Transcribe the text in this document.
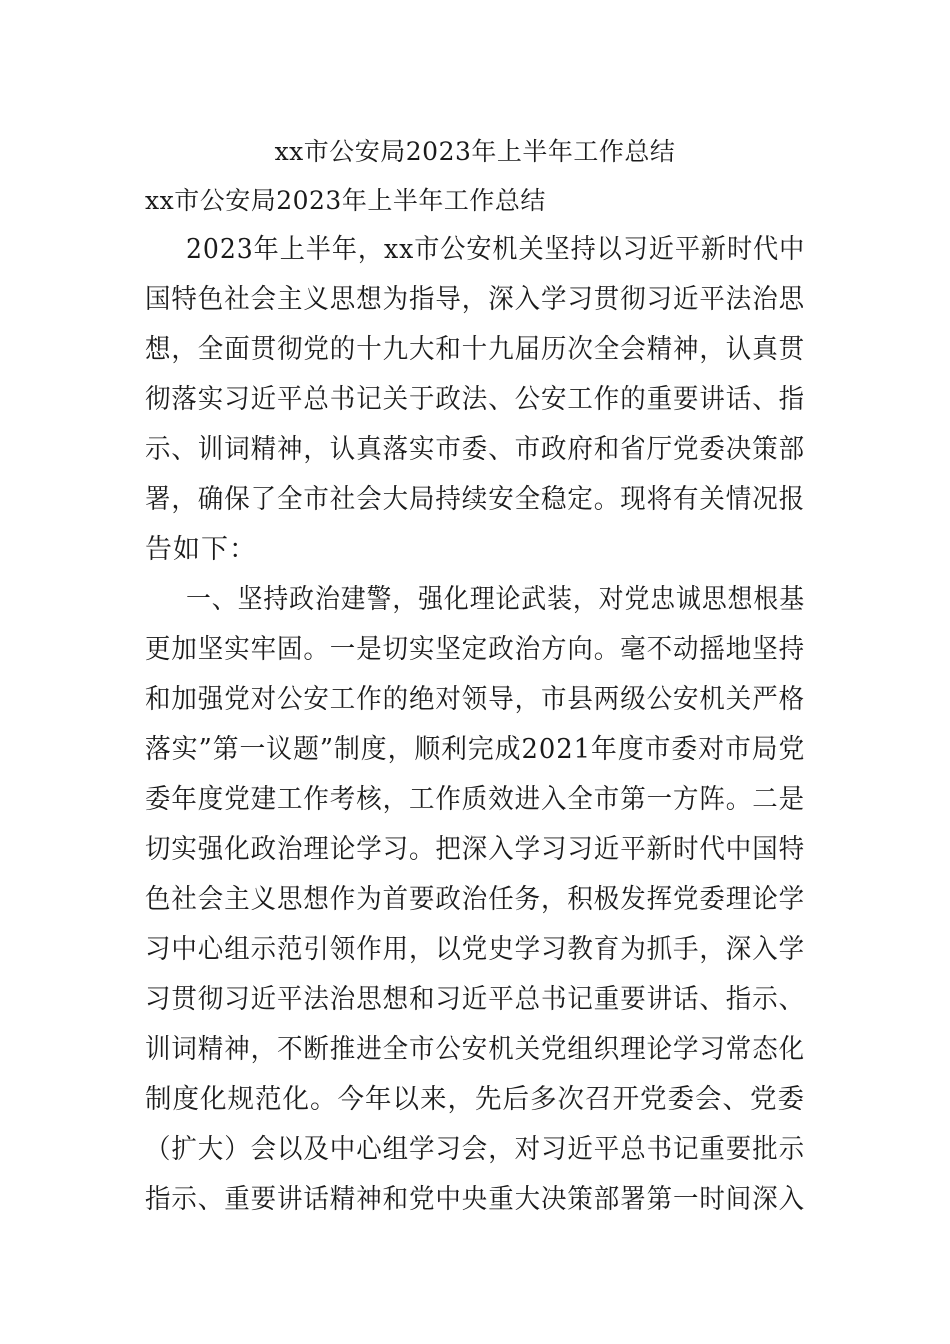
xx市公安局2023年上半年工作总结
xx市公安局2023年上半年工作总结
2023年上半年，xx市公安机关坚持以习近平新时代中
国特色社会主义思想为指导，深入学习贯彻习近平法治思
想，全面贯彻党的十九大和十九届历次全会精神，认真贯
彻落实习近平总书记关于政法、公安工作的重要讲话、指
示、训词精神，认真落实市委、市政府和省厅党委决策部
署，确保了全市社会大局持续安全稳定。现将有关情况报
告如下：
一、坚持政治建警，强化理论武装，对党忠诚思想根基
更加坚实牢固。一是切实坚定政治方向。毫不动摇地坚持
和加强党对公安工作的绝对领导，市县两级公安机关严格
落实”第一议题”制度，顺利完成2021年度市委对市局党
委年度党建工作考核，工作质效进入全市第一方阵。二是
切实强化政治理论学习。把深入学习习近平新时代中国特
色社会主义思想作为首要政治任务，积极发挥党委理论学
习中心组示范引领作用，以党史学习教育为抓手，深入学
习贯彻习近平法治思想和习近平总书记重要讲话、指示、
训词精神，不断推进全市公安机关党组织理论学习常态化
制度化规范化。今年以来，先后多次召开党委会、党委
（扩大）会以及中心组学习会，对习近平总书记重要批示
指示、重要讲话精神和党中央重大决策部署第一时间深入
